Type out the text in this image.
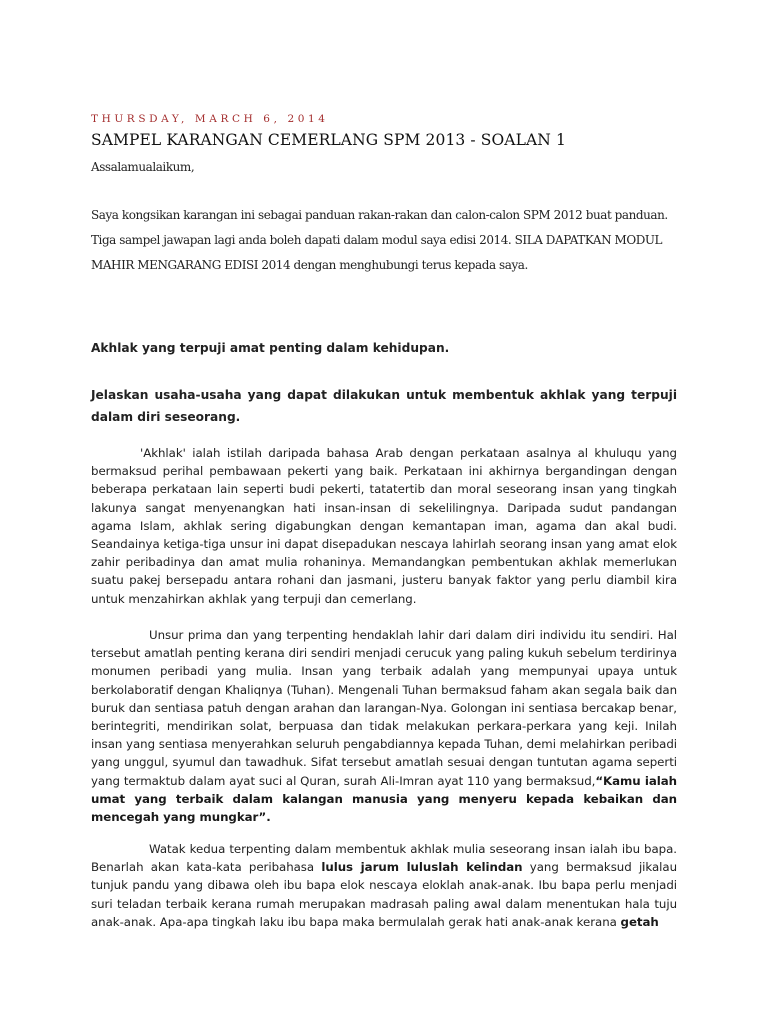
THURSDAY, MARCH 6, 2014
SAMPEL KARANGAN CEMERLANG SPM 2013 - SOALAN 1
Assalamualaikum,
Saya kongsikan karangan ini sebagai panduan rakan-rakan dan calon-calon SPM 2012 buat panduan.
Tiga sampel jawapan lagi anda boleh dapati dalam modul saya edisi 2014. SILA DAPATKAN MODUL
MAHIR MENGARANG EDISI 2014 dengan menghubungi terus kepada saya.
Akhlak yang terpuji amat penting dalam kehidupan.
Jelaskan usaha-usaha yang dapat dilakukan untuk membentuk akhlak yang terpuji dalam diri seseorang.
'Akhlak' ialah istilah daripada bahasa Arab dengan perkataan asalnya al khuluqu yang bermaksud perihal pembawaan pekerti yang baik. Perkataan ini akhirnya bergandingan dengan beberapa perkataan lain seperti budi pekerti, tatatertib dan moral seseorang insan yang tingkah lakunya sangat menyenangkan hati insan-insan di sekelilingnya. Daripada sudut pandangan agama Islam, akhlak sering digabungkan dengan kemantapan iman, agama dan akal budi. Seandainya ketiga-tiga unsur ini dapat disepadukan nescaya lahirlah seorang insan yang amat elok zahir peribadinya dan amat mulia rohaninya. Memandangkan pembentukan akhlak memerlukan suatu pakej bersepadu antara rohani dan jasmani, justeru banyak faktor yang perlu diambil kira untuk menzahirkan akhlak yang terpuji dan cemerlang.
Unsur prima dan yang terpenting hendaklah lahir dari dalam diri individu itu sendiri. Hal tersebut amatlah penting kerana diri sendiri menjadi cerucuk yang paling kukuh sebelum terdirinya monumen peribadi yang mulia. Insan yang terbaik adalah yang mempunyai upaya untuk berkolaboratif dengan Khaliqnya (Tuhan). Mengenali Tuhan bermaksud faham akan segala baik dan buruk dan sentiasa patuh dengan arahan dan larangan-Nya. Golongan ini sentiasa bercakap benar, berintegriti, mendirikan solat, berpuasa dan tidak melakukan perkara-perkara yang keji. Inilah insan yang sentiasa menyerahkan seluruh pengabdiannya kepada Tuhan, demi melahirkan peribadi yang unggul, syumul dan tawadhuk. Sifat tersebut amatlah sesuai dengan tuntutan agama seperti yang termaktub dalam ayat suci al Quran, surah Ali-Imran ayat 110 yang bermaksud,“Kamu ialah umat yang terbaik dalam kalangan manusia yang menyeru kepada kebaikan dan mencegah yang mungkar”.
Watak kedua terpenting dalam membentuk akhlak mulia seseorang insan ialah ibu bapa. Benarlah akan kata-kata peribahasa lulus jarum luluslah kelindan yang bermaksud jikalau tunjuk pandu yang dibawa oleh ibu bapa elok nescaya eloklah anak-anak. Ibu bapa perlu menjadi suri teladan terbaik kerana rumah merupakan madrasah paling awal dalam menentukan hala tuju anak-anak. Apa-apa tingkah laku ibu bapa maka bermulalah gerak hati anak-anak kerana getah
